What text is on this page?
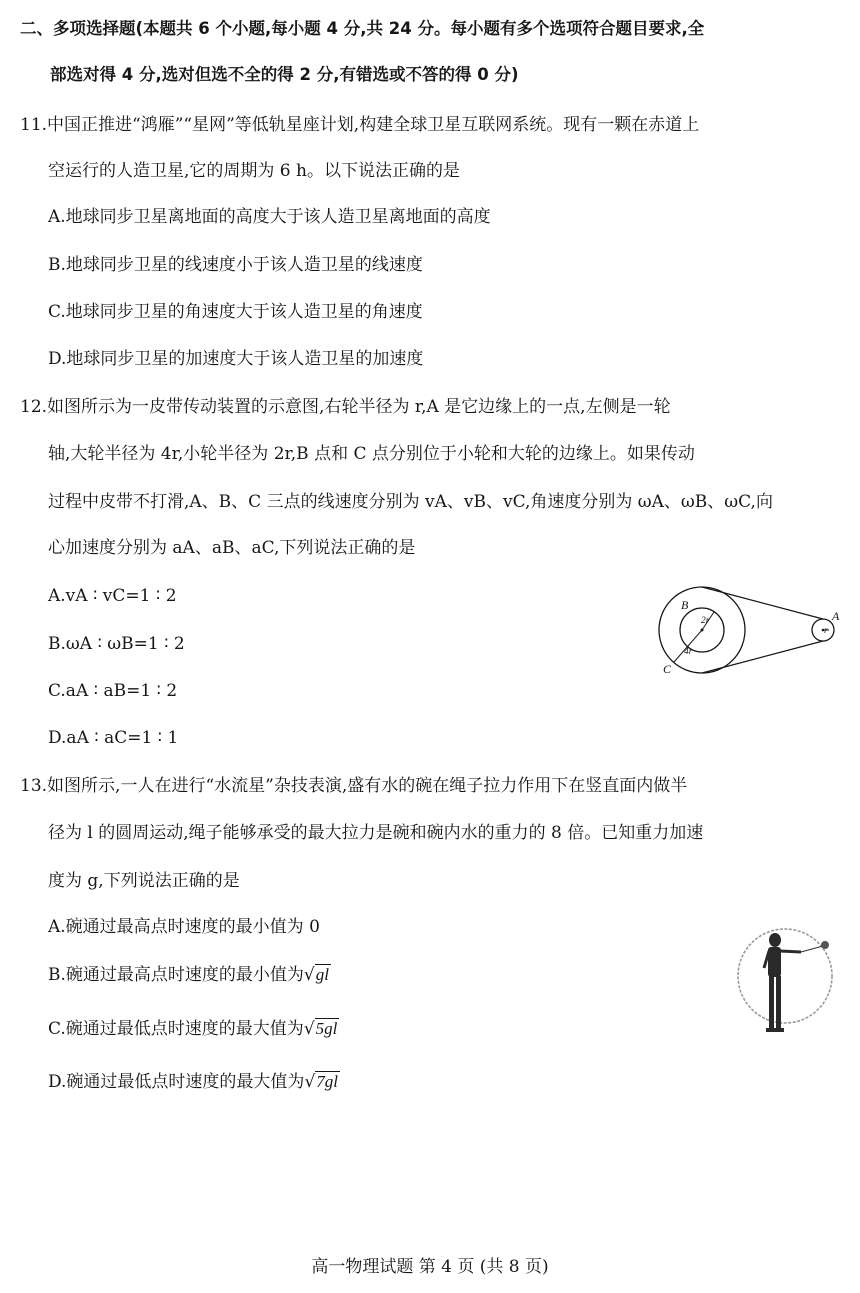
二、多项选择题(本题共 6 个小题,每小题 4 分,共 24 分。每小题有多个选项符合题目要求,全
部选对得 4 分,选对但选不全的得 2 分,有错选或不答的得 0 分)
11.中国正推进“鸿雁”“星网”等低轨星座计划,构建全球卫星互联网系统。现有一颗在赤道上
空运行的人造卫星,它的周期为 6 h。以下说法正确的是
A.地球同步卫星离地面的高度大于该人造卫星离地面的高度
B.地球同步卫星的线速度小于该人造卫星的线速度
C.地球同步卫星的角速度大于该人造卫星的角速度
D.地球同步卫星的加速度大于该人造卫星的加速度
12.如图所示为一皮带传动装置的示意图,右轮半径为 r,A 是它边缘上的一点,左侧是一轮
轴,大轮半径为 4r,小轮半径为 2r,B 点和 C 点分别位于小轮和大轮的边缘上。如果传动
过程中皮带不打滑,A、B、C 三点的线速度分别为 vA、vB、vC,角速度分别为 ωA、ωB、ωC,向
心加速度分别为 aA、aB、aC,下列说法正确的是
A.vA ∶ vC=1 ∶ 2
B.ωA ∶ ωB=1 ∶ 2
C.aA ∶ aB=1 ∶ 2
D.aA ∶ aC=1 ∶ 1
B
2r
4r
C
A
r
13.如图所示,一人在进行“水流星”杂技表演,盛有水的碗在绳子拉力作用下在竖直面内做半
径为 l 的圆周运动,绳子能够承受的最大拉力是碗和碗内水的重力的 8 倍。已知重力加速
度为 g,下列说法正确的是
A.碗通过最高点时速度的最小值为 0
B.碗通过最高点时速度的最小值为√gl
C.碗通过最低点时速度的最大值为√5gl
D.碗通过最低点时速度的最大值为√7gl
高一物理试题 第 4 页 (共 8 页)
